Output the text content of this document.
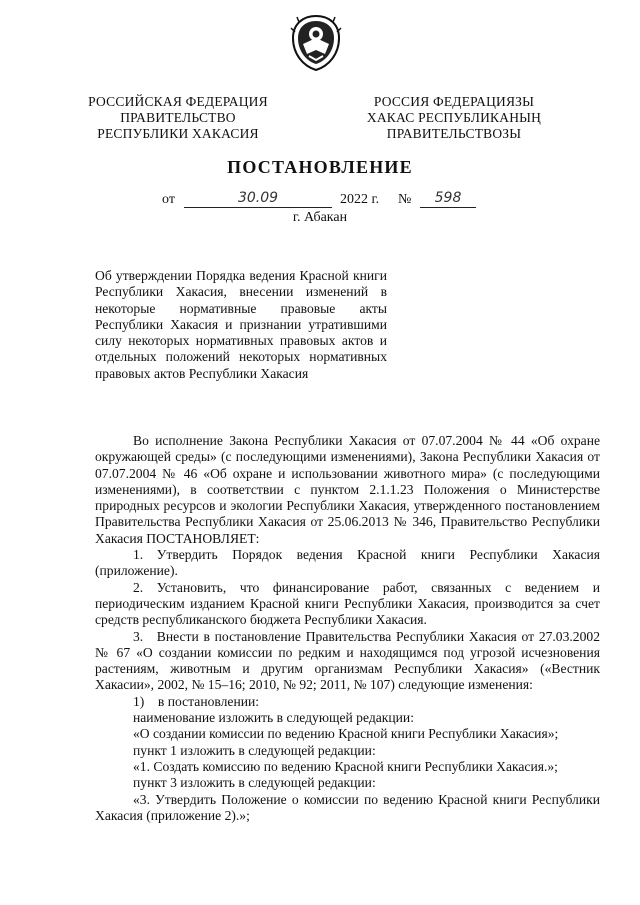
РОССИЙСКАЯ ФЕДЕРАЦИЯ
ПРАВИТЕЛЬСТВО
РЕСПУБЛИКИ ХАКАСИЯ
РОССИЯ ФЕДЕРАЦИЯЗЫ
ХАКАС РЕСПУБЛИКАНЫҢ
ПРАВИТЕЛЬСТВОЗЫ
ПОСТАНОВЛЕНИЕ
от	30.09	2022 г. №	598
г. Абакан
Об утверждении Порядка ведения Красной книги Республики Хакасия, внесении изменений в некоторые нормативные правовые акты Республики Хакасия и признании утратившими силу некоторых нормативных правовых актов и отдельных положений некоторых нормативных правовых актов Республики Хакасия

Во исполнение Закона Республики Хакасия от 07.07.2004 № 44 «Об охране окружающей среды» (с последующими изменениями), Закона Республики Хакасия от 07.07.2004 № 46 «Об охране и использовании животного мира» (с последующими изменениями), в соответствии с пунктом 2.1.1.23 Положения о Министерстве природных ресурсов и экологии Республики Хакасия, утвержденного постановлением Правительства Республики Хакасия от 25.06.2013 № 346, Правительство Республики Хакасия ПОСТАНОВЛЯЕТ:

1. Утвердить Порядок ведения Красной книги Республики Хакасия (приложение).

2. Установить, что финансирование работ, связанных с ведением и периодическим изданием Красной книги Республики Хакасия, производится за счет средств республиканского бюджета Республики Хакасия.

3. Внести в постановление Правительства Республики Хакасия от 27.03.2002 № 67 «О создании комиссии по редким и находящимся под угрозой исчезновения растениям, животным и другим организмам Республики Хакасия» («Вестник Хакасии», 2002, № 15–16; 2010, № 92; 2011, № 107) следующие изменения:

1) в постановлении:

наименование изложить в следующей редакции:

«О создании комиссии по ведению Красной книги Республики Хакасия»;

пункт 1 изложить в следующей редакции:

«1. Создать комиссию по ведению Красной книги Республики Хакасия.»;

пункт 3 изложить в следующей редакции:

«3. Утвердить Положение о комиссии по ведению Красной книги Республики Хакасия (приложение 2).»;
